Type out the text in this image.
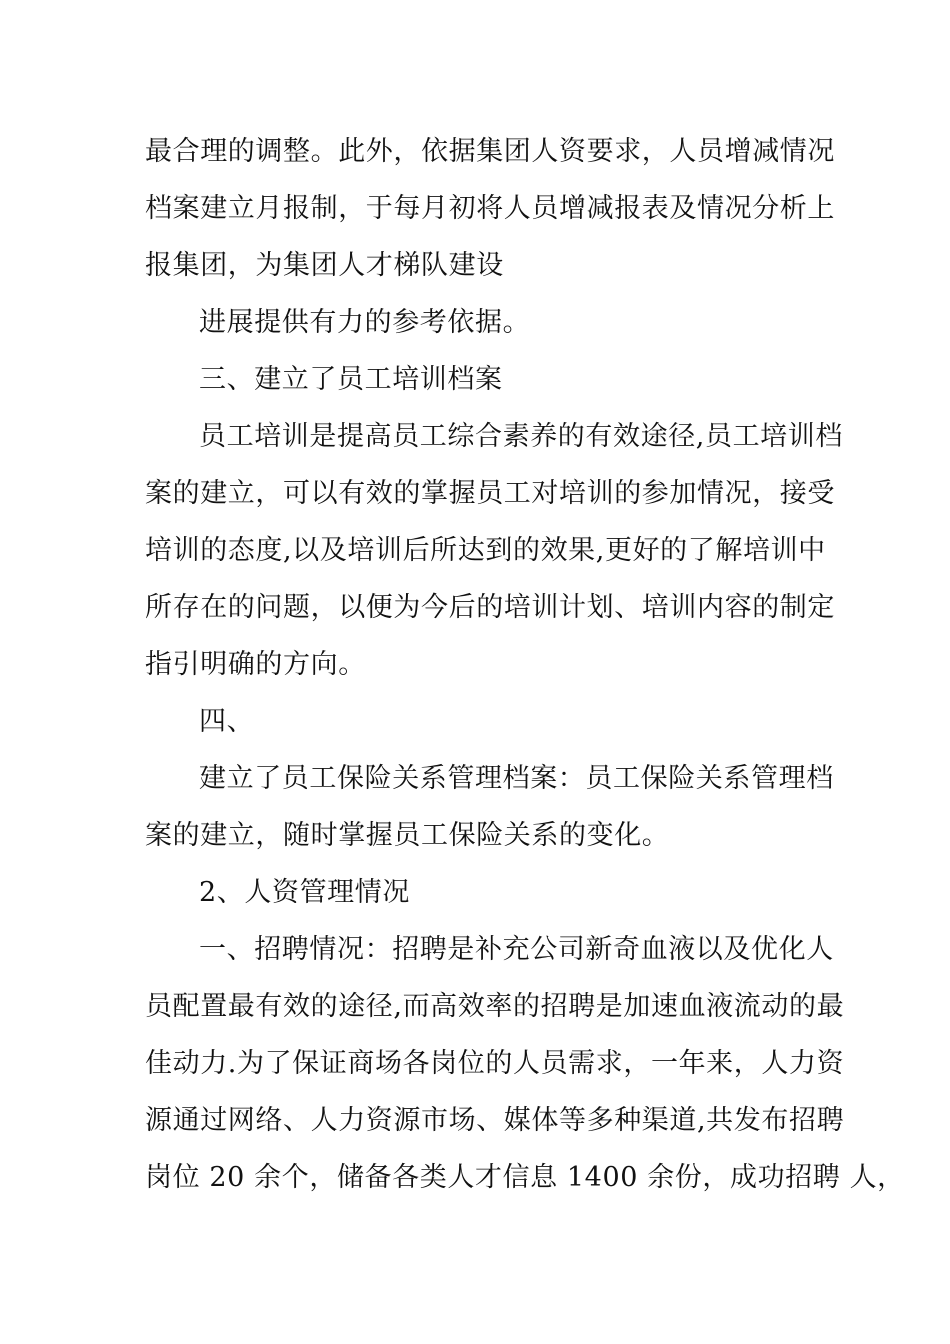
最合理的调整。此外，依据集团人资要求，人员增减情况
档案建立月报制，于每月初将人员增减报表及情况分析上
报集团，为集团人才梯队建设
进展提供有力的参考依据。
三、建立了员工培训档案
员工培训是提高员工综合素养的有效途径,员工培训档
案的建立，可以有效的掌握员工对培训的参加情况，接受
培训的态度,以及培训后所达到的效果,更好的了解培训中
所存在的问题，以便为今后的培训计划、培训内容的制定
指引明确的方向。
四、
建立了员工保险关系管理档案：员工保险关系管理档
案的建立，随时掌握员工保险关系的变化。
2、人资管理情况
一、招聘情况：招聘是补充公司新奇血液以及优化人
员配置最有效的途径,而高效率的招聘是加速血液流动的最
佳动力.为了保证商场各岗位的人员需求，一年来，人力资
源通过网络、人力资源市场、媒体等多种渠道,共发布招聘
岗位 20 余个，储备各类人才信息 1400 余份，成功招聘 人，
